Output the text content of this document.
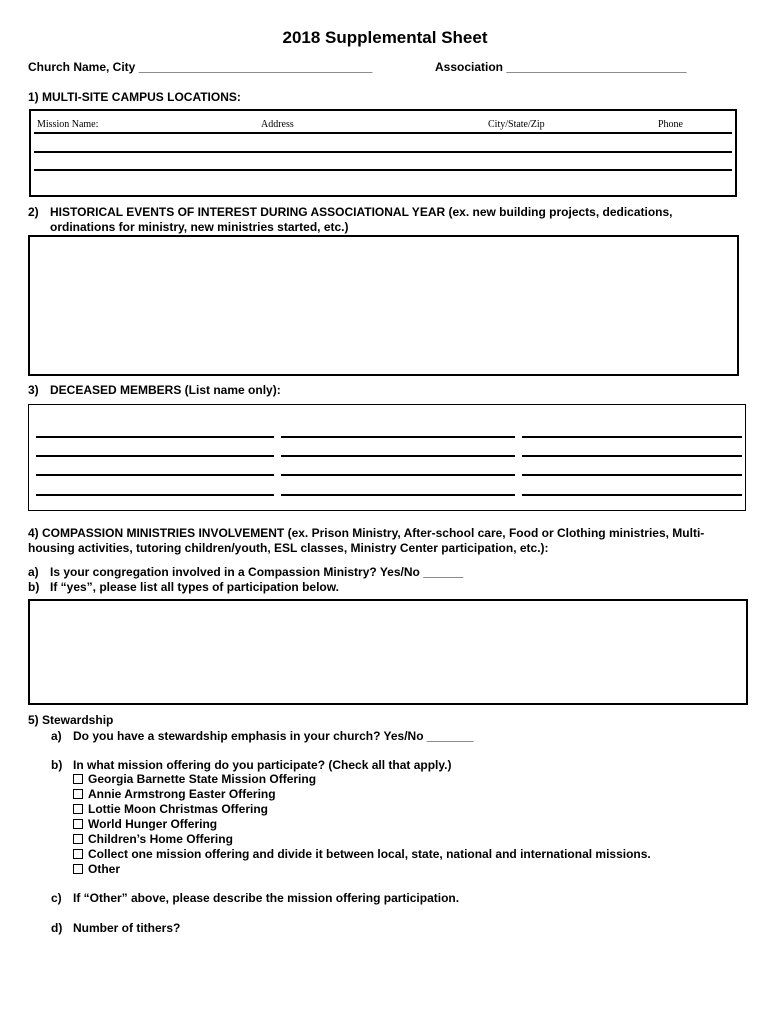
2018 Supplemental Sheet
Church Name, City ___________________________________	Association ___________________________
1) MULTI-SITE CAMPUS LOCATIONS:
Mission Name:	Address	City/State/Zip	Phone
2) HISTORICAL EVENTS OF INTEREST DURING ASSOCIATIONAL YEAR (ex. new building projects, dedications,
ordinations for ministry, new ministries started, etc.)
3) DECEASED MEMBERS (List name only):
4) COMPASSION MINISTRIES INVOLVEMENT (ex. Prison Ministry, After-school care, Food or Clothing ministries, Multi-
housing activities, tutoring children/youth, ESL classes, Ministry Center participation, etc.):
a) Is your congregation involved in a Compassion Ministry? Yes/No ______
b) If “yes”, please list all types of participation below.
5) Stewardship
a) Do you have a stewardship emphasis in your church? Yes/No _______
b) In what mission offering do you participate? (Check all that apply.)
Georgia Barnette State Mission Offering
Annie Armstrong Easter Offering
Lottie Moon Christmas Offering
World Hunger Offering
Children’s Home Offering
Collect one mission offering and divide it between local, state, national and international missions.
Other
c) If “Other” above, please describe the mission offering participation.
d) Number of tithers?
